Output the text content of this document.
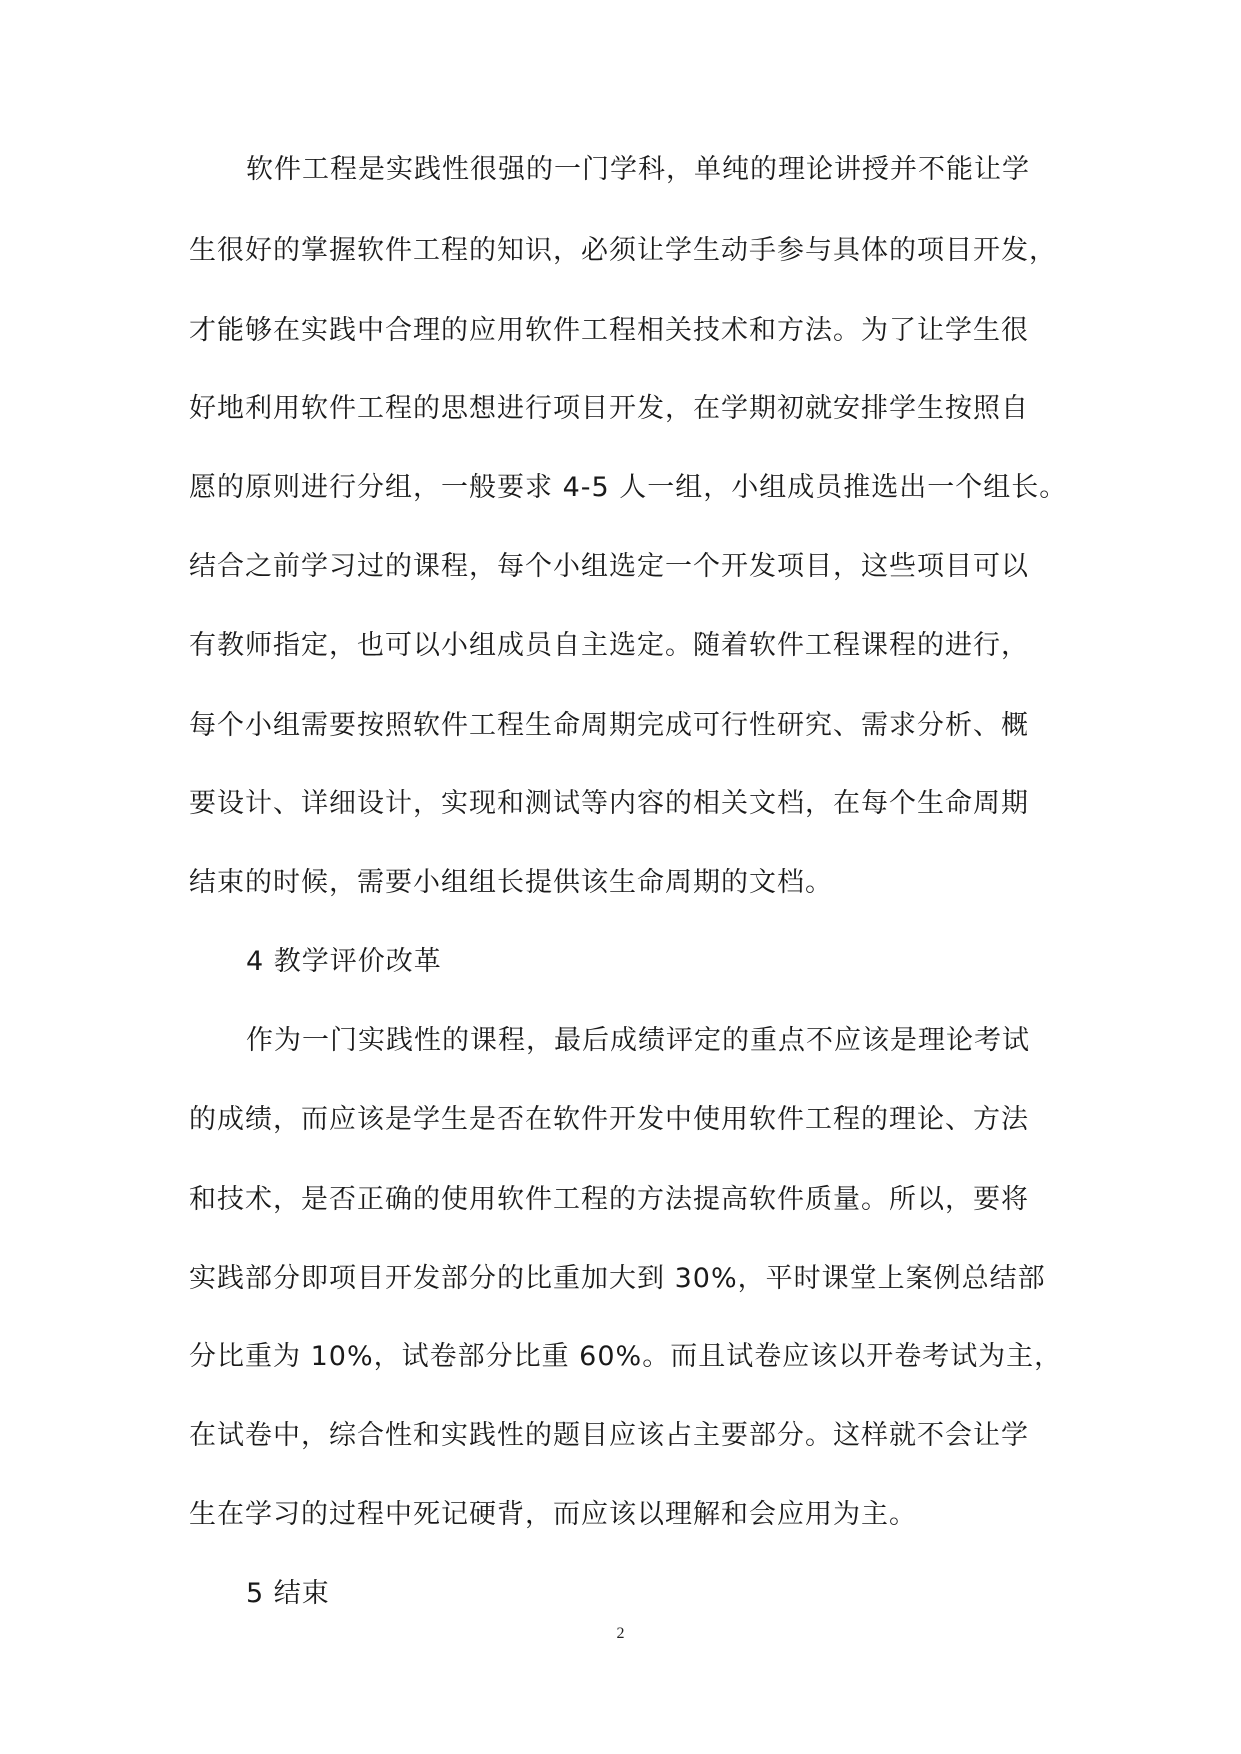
软件工程是实践性很强的一门学科，单纯的理论讲授并不能让学
生很好的掌握软件工程的知识，必须让学生动手参与具体的项目开发，
才能够在实践中合理的应用软件工程相关技术和方法。为了让学生很
好地利用软件工程的思想进行项目开发，在学期初就安排学生按照自
愿的原则进行分组，一般要求 4-5 人一组，小组成员推选出一个组长。
结合之前学习过的课程，每个小组选定一个开发项目，这些项目可以
有教师指定，也可以小组成员自主选定。随着软件工程课程的进行，
每个小组需要按照软件工程生命周期完成可行性研究、需求分析、概
要设计、详细设计，实现和测试等内容的相关文档，在每个生命周期
结束的时候，需要小组组长提供该生命周期的文档。
4 教学评价改革
作为一门实践性的课程，最后成绩评定的重点不应该是理论考试
的成绩，而应该是学生是否在软件开发中使用软件工程的理论、方法
和技术，是否正确的使用软件工程的方法提高软件质量。所以，要将
实践部分即项目开发部分的比重加大到 30%，平时课堂上案例总结部
分比重为 10%，试卷部分比重 60%。而且试卷应该以开卷考试为主，
在试卷中，综合性和实践性的题目应该占主要部分。这样就不会让学
生在学习的过程中死记硬背，而应该以理解和会应用为主。
5 结束
2
